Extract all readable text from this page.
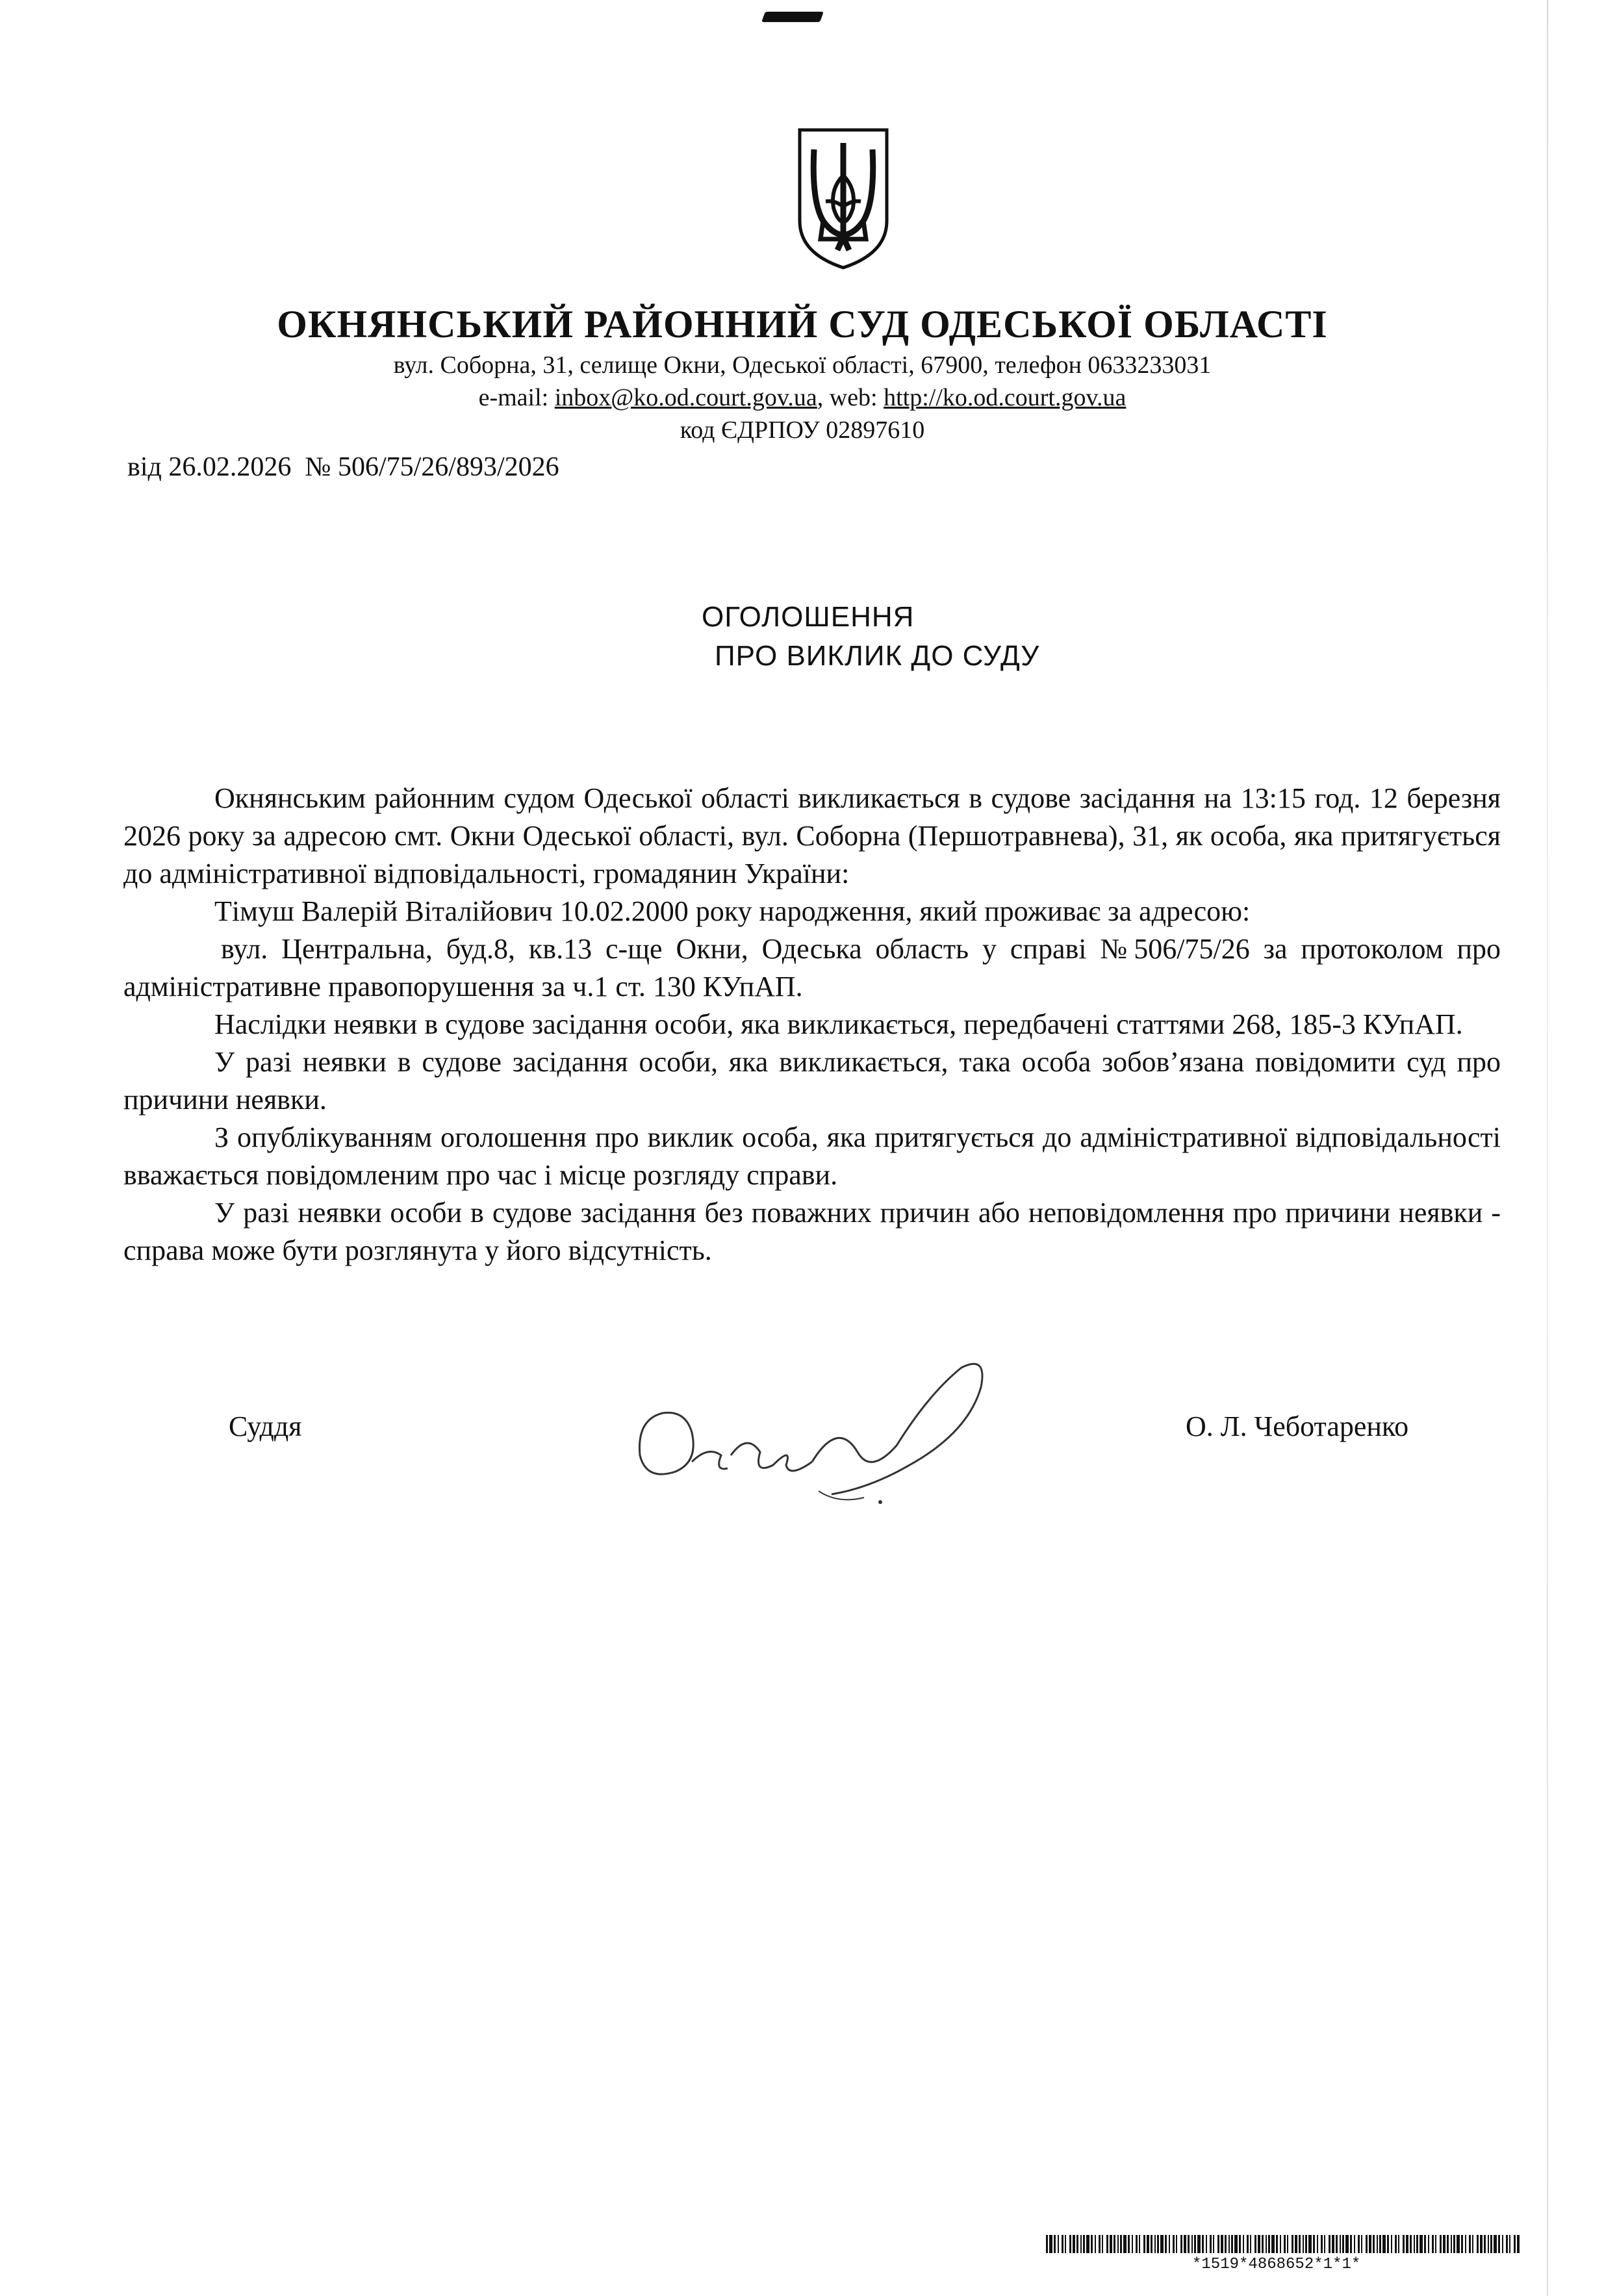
ОКНЯНСЬКИЙ РАЙОННИЙ СУД ОДЕСЬКОЇ ОБЛАСТІ
вул. Соборна, 31, селище Окни, Одеської області, 67900, телефон 0633233031
e-mail: inbox@ko.od.court.gov.ua, web: http://ko.od.court.gov.ua
код ЄДРПОУ 02897610
від 26.02.2026 № 506/75/26/893/2026
ОГОЛОШЕННЯ
ПРО ВИКЛИК ДО СУДУ

Окнянським районним судом Одеської області викликається в судове засідання на 13:15 год. 12 березня 2026 року за адресою смт. Окни Одеської області, вул. Соборна (Першотравнева), 31, як особа, яка притягується до адміністративної відповідальності, громадянин України:

Тімуш Валерій Віталійович 10.02.2000 року народження, який проживає за адресою:

вул. Центральна, буд.8, кв.13 с-ще Окни, Одеська область у справі №506/75/26 за протоколом про адміністративне правопорушення за ч.1 ст. 130 КУпАП.

Наслідки неявки в судове засідання особи, яка викликається, передбачені статтями 268, 185-3 КУпАП.

У разі неявки в судове засідання особи, яка викликається, така особа зобов’язана повідомити суд про причини неявки.

З опублікуванням оголошення про виклик особа, яка притягується до адміністративної відповідальності вважається повідомленим про час і місце розгляду справи.

У разі неявки особи в судове засідання без поважних причин або неповідомлення про причини неявки - справа може бути розглянута у його відсутність.

Суддя	О. Л. Чеботаренко
*1519*4868652*1*1*
